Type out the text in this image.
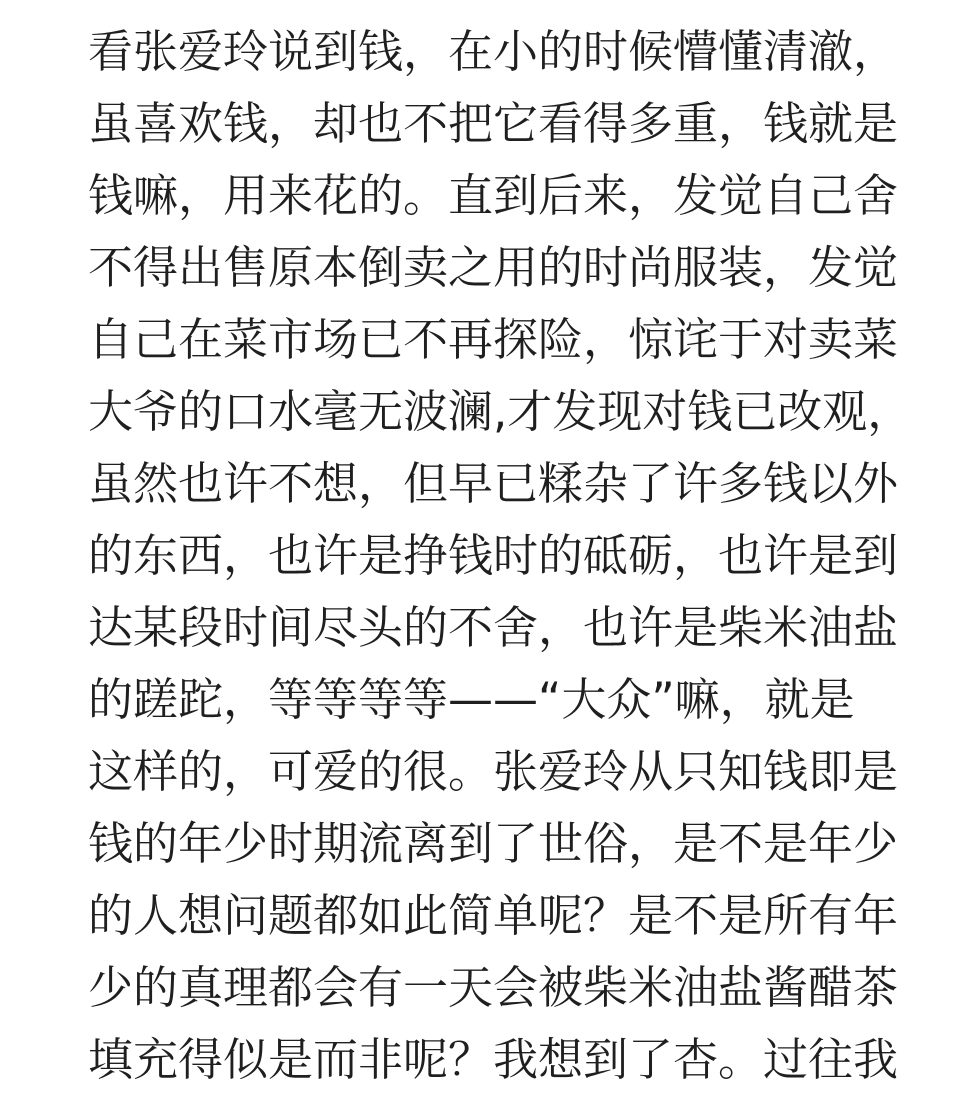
看张爱玲说到钱，在小的时候懵懂清澈，
虽喜欢钱，却也不把它看得多重，钱就是
钱嘛，用来花的。直到后来，发觉自己舍
不得出售原本倒卖之用的时尚服装，发觉
自己在菜市场已不再探险，惊诧于对卖菜
大爷的口水毫无波澜,才发现对钱已改观，
虽然也许不想，但早已糅杂了许多钱以外
的东西，也许是挣钱时的砥砺，也许是到
达某段时间尽头的不舍，也许是柴米油盐
的蹉跎，等等等等——“大众”嘛，就是
这样的，可爱的很。张爱玲从只知钱即是
钱的年少时期流离到了世俗，是不是年少
的人想问题都如此简单呢？是不是所有年
少的真理都会有一天会被柴米油盐酱醋茶
填充得似是而非呢？我想到了杏。过往我
